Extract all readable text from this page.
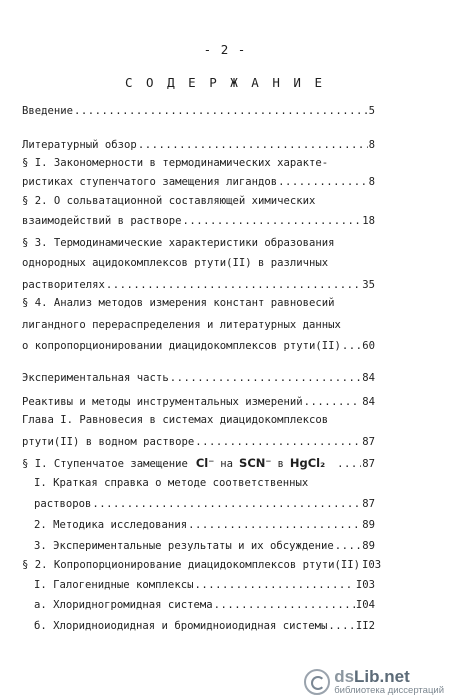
- 2 -
С О Д Е Р Ж А Н И Е
Введение .....	5
Литературный обзор .....	8
§ I. Закономерности в термодинамических характе-
ристиках ступенчатого замещения лигандов .....	8
§ 2. О сольватационной составляющей химических
взаимодействий в растворе .....	18
§ 3. Термодинамические характеристики образования
однородных ацидокомплексов ртути(II) в различных
растворителях .....	35
§ 4. Анализ методов измерения констант равновесий
лигандного перераспределения и литературных данных
о копропорционировании диацидокомплексов ртути(II) ..... 60
Экспериментальная часть .....	84
Реактивы и методы инструментальных измерений .....	84
Глава I. Равновесия в системах диацидокомплексов
ртути(II) в водном растворе .....	87
§ I. Ступенчатое замещение Cl⁻ на SCN⁻ в HgCl₂ .....	87
I. Краткая справка о методе соответственных
растворов .....	87
2. Методика исследования .....	89
3. Экспериментальные результаты и их обсуждение .....	89
§ 2. Копропорционирование диацидокомплексов ртути(II) I03
I. Галогенидные комплексы .....	I03
а. Хлоридногромидная система .....	I04
б. Хлоридноиодидная и бромидноиодидная системы .....	II2
dsLib.net
библиотека диссертаций
